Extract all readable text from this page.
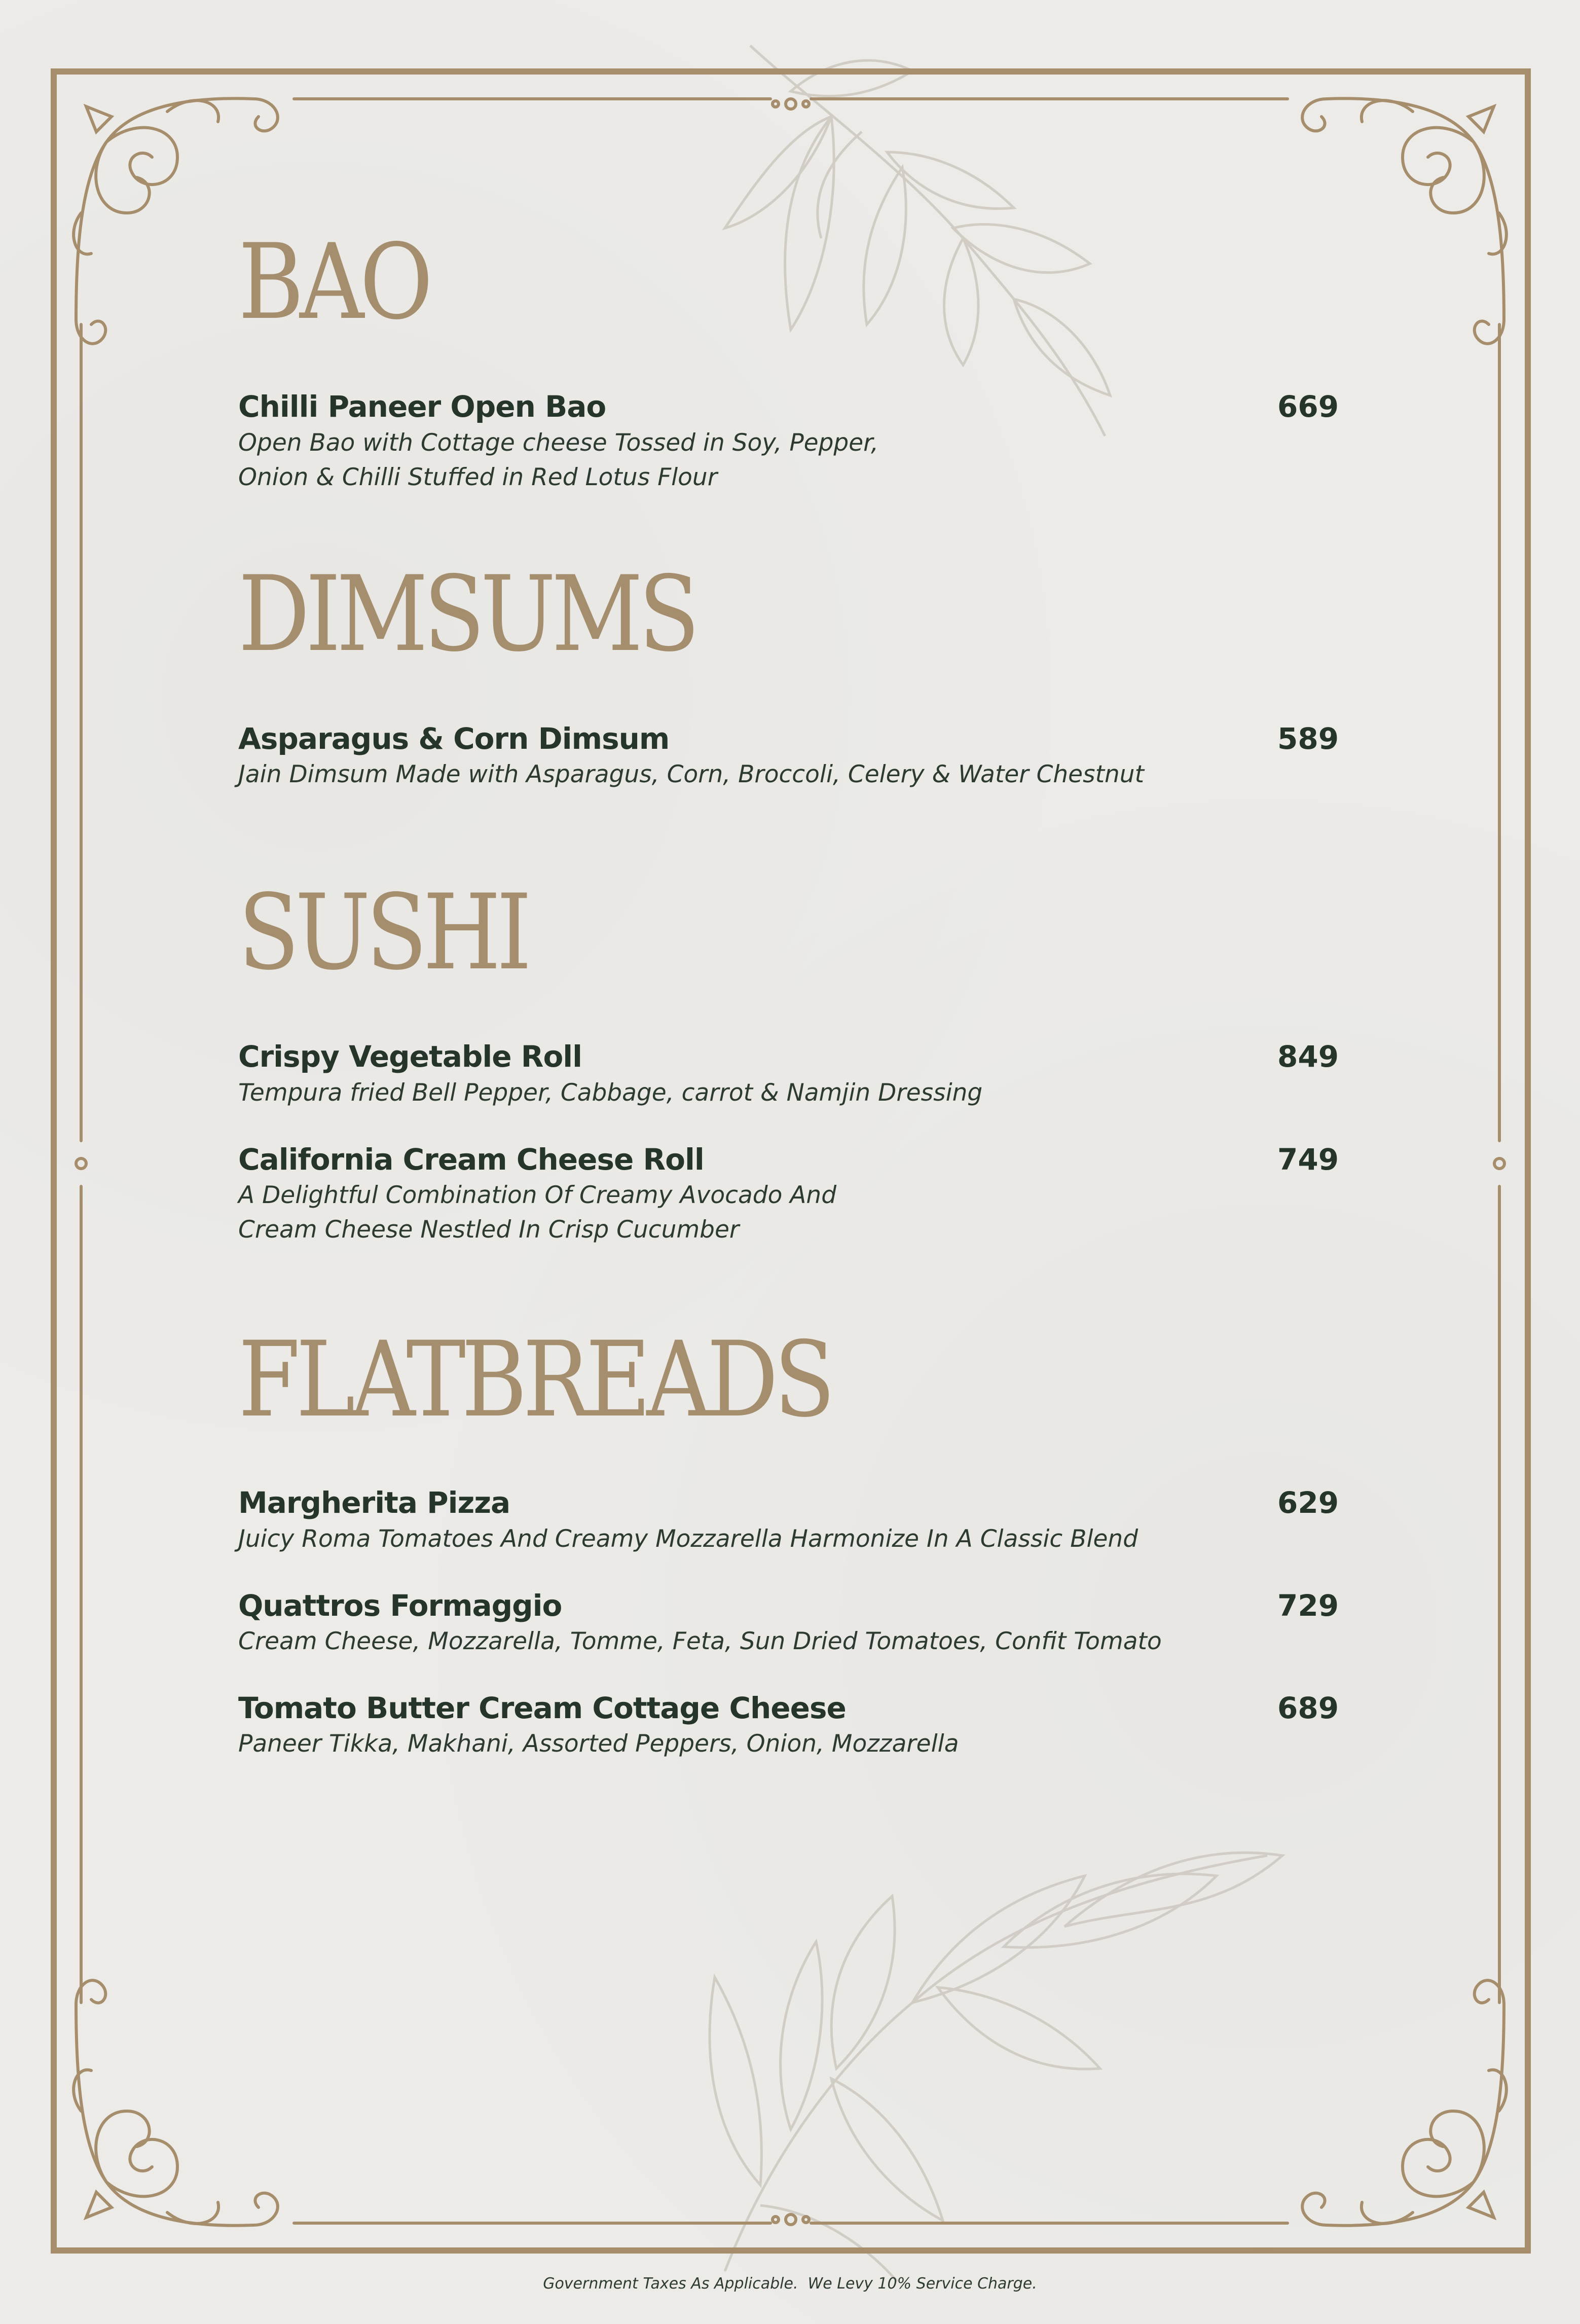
BAO
Chilli Paneer Open Bao	669
Open Bao with Cottage cheese Tossed in Soy, Pepper,
Onion & Chilli Stuffed in Red Lotus Flour
DIMSUMS
Asparagus & Corn Dimsum	589
Jain Dimsum Made with Asparagus, Corn, Broccoli, Celery & Water Chestnut
SUSHI
Crispy Vegetable Roll	849
Tempura fried Bell Pepper, Cabbage, carrot & Namjin Dressing
California Cream Cheese Roll	749
A Delightful Combination Of Creamy Avocado And
Cream Cheese Nestled In Crisp Cucumber
FLATBREADS
Margherita Pizza	629
Juicy Roma Tomatoes And Creamy Mozzarella Harmonize In A Classic Blend
Quattros Formaggio	729
Cream Cheese, Mozzarella, Tomme, Feta, Sun Dried Tomatoes, Confit Tomato
Tomato Butter Cream Cottage Cheese	689
Paneer Tikka, Makhani, Assorted Peppers, Onion, Mozzarella
Government Taxes As Applicable.  We Levy 10% Service Charge.
